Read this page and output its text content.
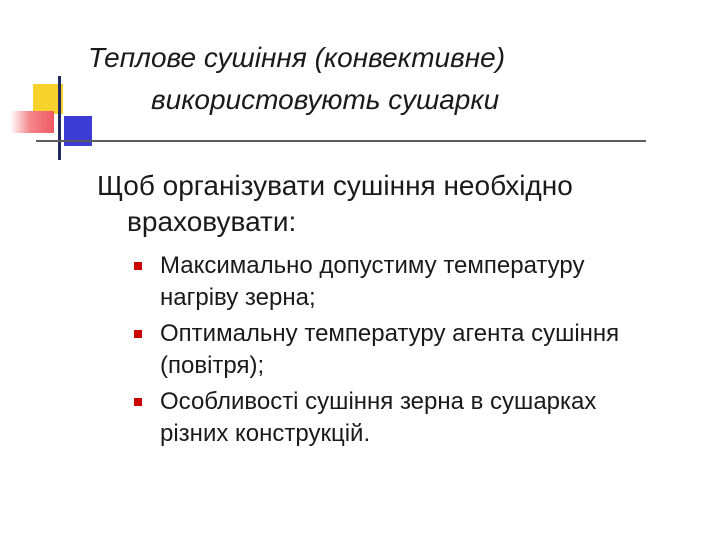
Теплове сушіння (конвективне)
використовують сушарки
Щоб організувати сушіння необхідно
враховувати:
Максимально допустиму температуру
нагріву зерна;
Оптимальну температуру агента сушіння
(повітря);
Особливості сушіння зерна в сушарках
різних конструкцій.
